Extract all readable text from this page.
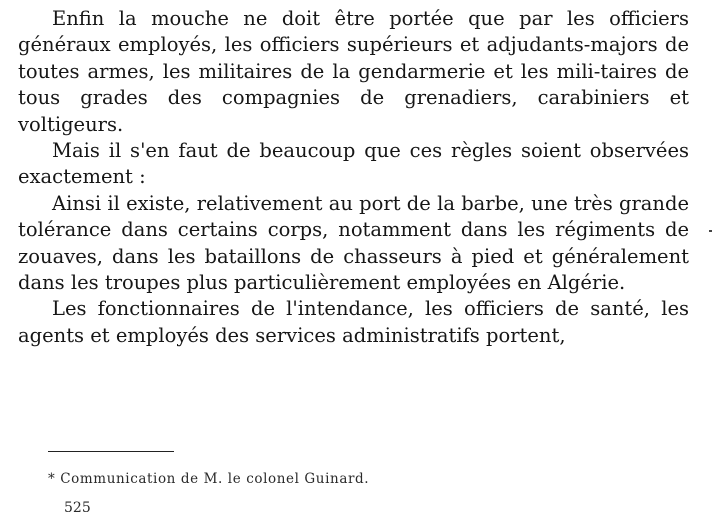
Enfin la mouche ne doit être portée que par les officiers généraux employés, les officiers supérieurs et adjudants-majors de toutes armes, les militaires de la gendarmerie et les mili-taires de tous grades des compagnies de grenadiers, carabiniers et voltigeurs.

Mais il s'en faut de beaucoup que ces règles soient observées exactement :

Ainsi il existe, relativement au port de la barbe, une très grande tolérance dans certains corps, notamment dans les régiments de zouaves, dans les bataillons de chasseurs à pied et généralement dans les troupes plus particulièrement employées en Algérie.

Les fonctionnaires de l'intendance, les officiers de santé, les agents et employés des services administratifs portent,

* Communication de M. le colonel Guinard.
525
